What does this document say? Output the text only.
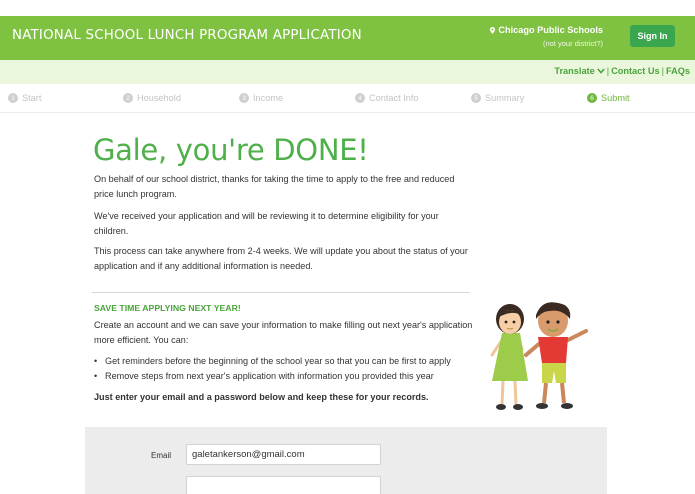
NATIONAL SCHOOL LUNCH PROGRAM APPLICATION	Chicago Public Schools
(not your district?)
Sign In
Translate | Contact Us | FAQs
1 Start	2 Household	3 Income	4 Contact Info	5 Summary	6 Submit
Gale, you're DONE!

On behalf of our school district, thanks for taking the time to apply to the free and reduced price lunch program.

We've received your application and will be reviewing it to determine eligibility for your children.

This process can take anywhere from 2-4 weeks. We will update you about the status of your application and if any additional information is needed.

SAVE TIME APPLYING NEXT YEAR!

Create an account and we can save your information to make filling out next year's application more efficient. You can:

• Get reminders before the beginning of the school year so that you can be first to apply
• Remove steps from next year's application with information you provided this year
Just enter your email and a password below and keep these for your records.
Email
galetankerson@gmail.com
